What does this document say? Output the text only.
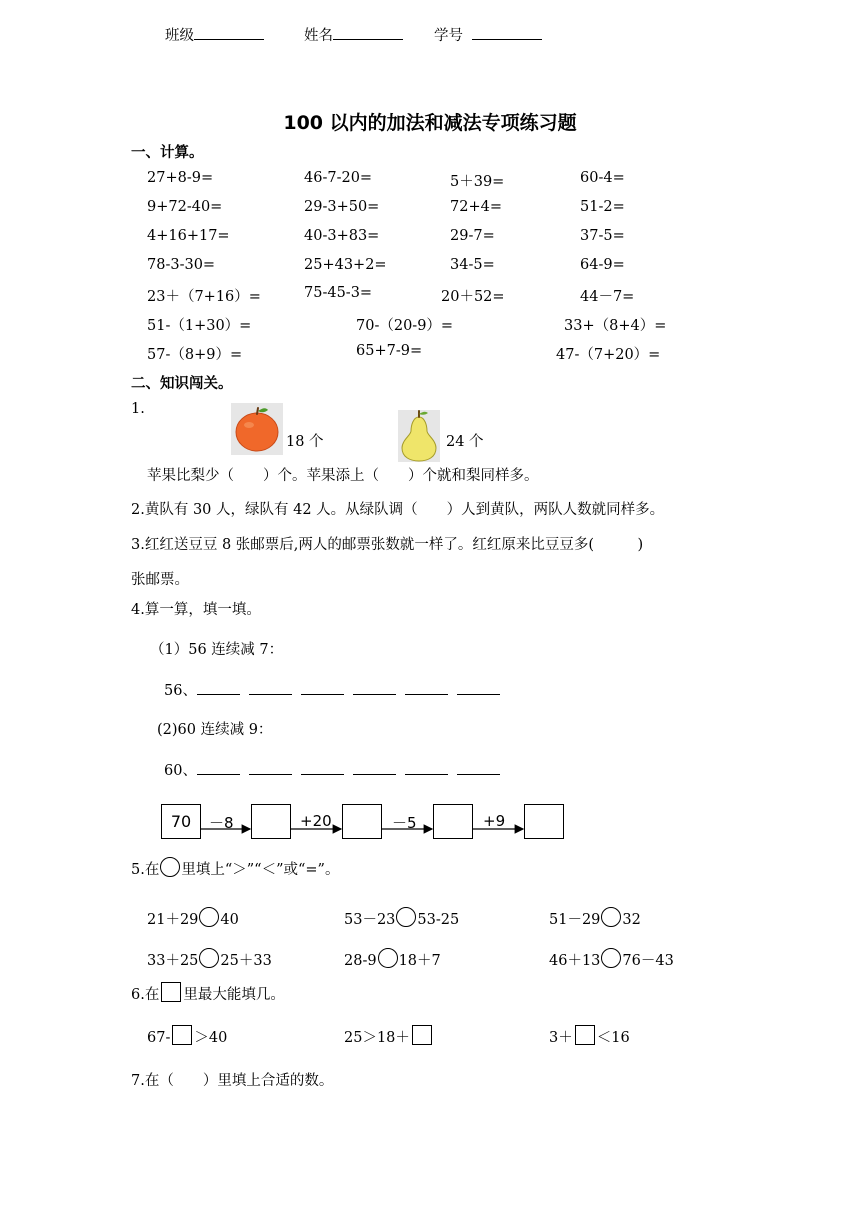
班级	姓名	学号
100 以内的加法和减法专项练习题
一、计算。
27+8-9=	46-7-20=	5＋39=	60-4=
9+72-40=	29-3+50=	72+4=	51-2=
4+16+17=	40-3+83=	29-7=	37-5=
78-3-30=	25+43+2=	34-5=	64-9=
23＋（7+16）=	75-45-3=	20＋52=	44－7=
51-（1+30）=	70-（20-9）=	33+（8+4）=
57-（8+9）=	65+7-9=	47-（7+20）=
二、知识闯关。
1.
18 个	24 个
苹果比梨少（　　）个。苹果添上（　　）个就和梨同样多。
2.黄队有 30 人，绿队有 42 人。从绿队调（　　）人到黄队，两队人数就同样多。
3.红红送豆豆 8 张邮票后,两人的邮票张数就一样了。红红原来比豆豆多(　　　)
张邮票。
4.算一算，填一填。
（1）56 连续减 7：
56、
(2)60 连续减 9：
60、
70	－8	+20	－5	+9
5.在 里填上“＞”“＜”或“=”。
21＋29 40	53－23 53-25	51－29 32
33＋25 25＋33	28-9 18＋7	46＋13 76－43
6.在 里最大能填几。
67- ＞40	25＞18＋	3＋ ＜16
7.在（　　）里填上合适的数。
